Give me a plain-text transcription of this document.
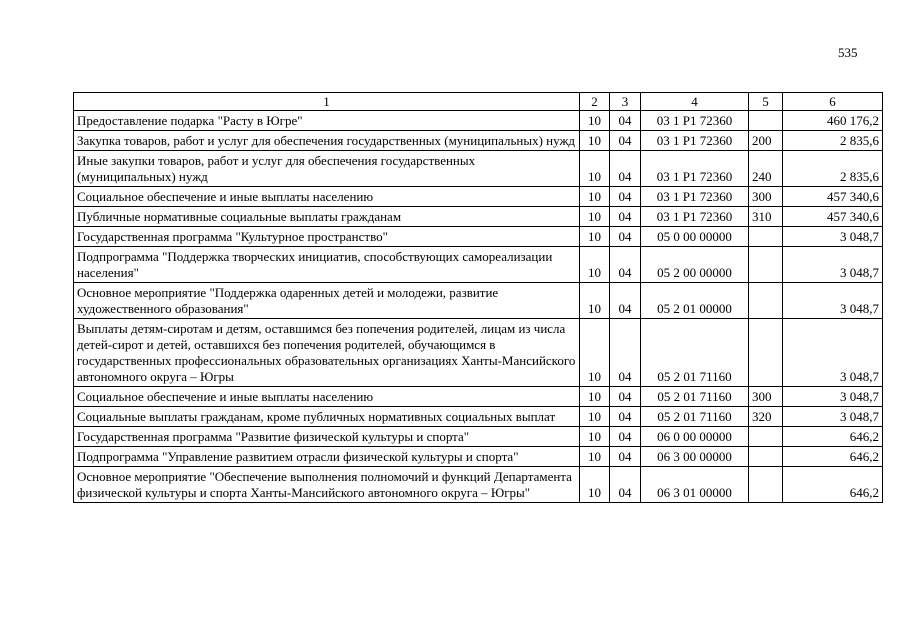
535
1	2	3	4	5	6
Предоставление подарка "Расту в Югре"	10	04	03 1 P1 72360		460 176,2
Закупка товаров, работ и услуг для обеспечения государственных (муниципальных) нужд	10	04	03 1 P1 72360	200	2 835,6
Иные закупки товаров, работ и услуг для обеспечения государственных (муниципальных) нужд	10	04	03 1 P1 72360	240	2 835,6
Социальное обеспечение и иные выплаты населению	10	04	03 1 P1 72360	300	457 340,6
Публичные нормативные социальные выплаты гражданам	10	04	03 1 P1 72360	310	457 340,6
Государственная программа "Культурное пространство"	10	04	05 0 00 00000		3 048,7
Подпрограмма "Поддержка творческих инициатив, способствующих самореализации населения"	10	04	05 2 00 00000		3 048,7
Основное мероприятие "Поддержка одаренных детей и молодежи, развитие художественного образования"	10	04	05 2 01 00000		3 048,7
Выплаты детям-сиротам и детям, оставшимся без попечения родителей, лицам из числа детей-сирот и детей, оставшихся без попечения родителей, обучающимся в государственных профессиональных образовательных организациях Ханты-Мансийского автономного округа – Югры	10	04	05 2 01 71160		3 048,7
Социальное обеспечение и иные выплаты населению	10	04	05 2 01 71160	300	3 048,7
Социальные выплаты гражданам, кроме публичных нормативных социальных выплат	10	04	05 2 01 71160	320	3 048,7
Государственная программа "Развитие физической культуры и спорта"	10	04	06 0 00 00000		646,2
Подпрограмма "Управление развитием отрасли физической культуры и спорта"	10	04	06 3 00 00000		646,2
Основное мероприятие "Обеспечение выполнения полномочий и функций Департамента физической культуры и спорта Ханты-Мансийского автономного округа – Югры"	10	04	06 3 01 00000		646,2
